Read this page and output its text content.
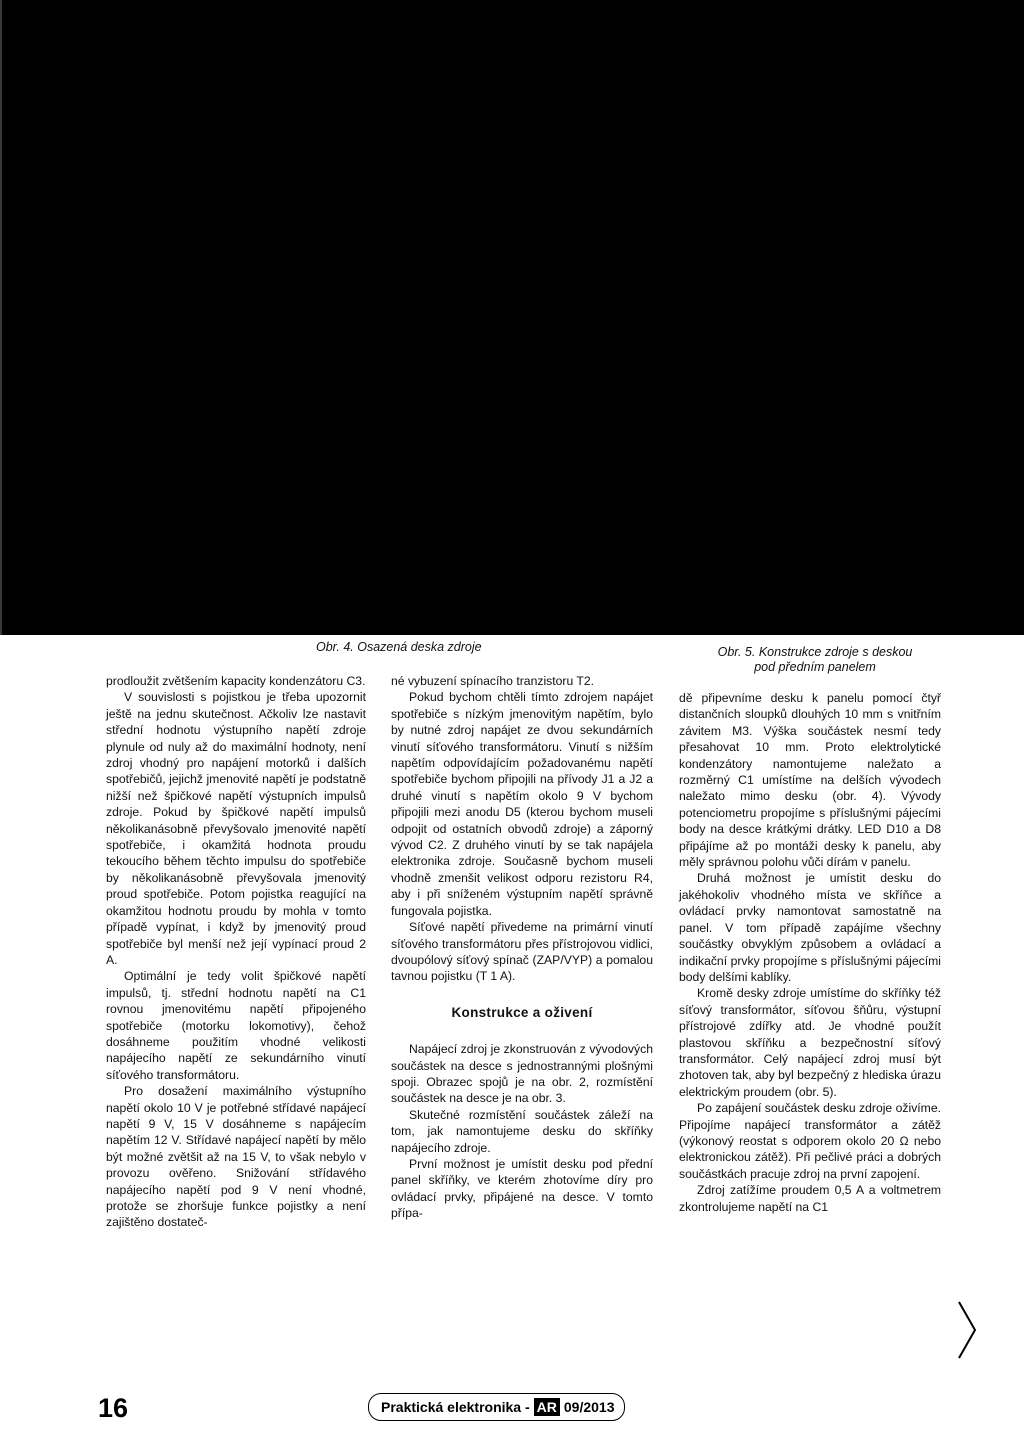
Obr. 4. Osazená deska zdroje	Obr. 5. Konstrukce zdroje s deskou
pod předním panelem

prodloužit zvětšením kapacity kondenzátoru C3.

V souvislosti s pojistkou je třeba upozornit ještě na jednu skutečnost. Ačkoliv lze nastavit střední hodnotu výstupního napětí zdroje plynule od nuly až do maximální hodnoty, není zdroj vhodný pro napájení motorků i dalších spotřebičů, jejichž jmenovité napětí je podstatně nižší než špičkové napětí výstupních impulsů zdroje. Pokud by špičkové napětí impulsů několikanásobně převyšovalo jmenovité napětí spotřebiče, i okamžitá hodnota proudu tekoucího během těchto impulsu do spotřebiče by několikanásobně převyšovala jmenovitý proud spotřebiče. Potom pojistka reagující na okamžitou hodnotu proudu by mohla v tomto případě vypínat, i když by jmenovitý proud spotřebiče byl menší než její vypínací proud 2 A.

Optimální je tedy volit špičkové napětí impulsů, tj. střední hodnotu napětí na C1 rovnou jmenovitému napětí připojeného spotřebiče (motorku lokomotivy), čehož dosáhneme použitím vhodné velikosti napájecího napětí ze sekundárního vinutí síťového transformátoru.

Pro dosažení maximálního výstupního napětí okolo 10 V je potřebné střídavé napájecí napětí 9 V, 15 V dosáhneme s napájecím napětím 12 V. Střídavé napájecí napětí by mělo být možné zvětšit až na 15 V, to však nebylo v provozu ověřeno. Snižování střídavého napájecího napětí pod 9 V není vhodné, protože se zhoršuje funkce pojistky a není zajištěno dostateč-

né vybuzení spínacího tranzistoru T2.

Pokud bychom chtěli tímto zdrojem napájet spotřebiče s nízkým jmenovitým napětím, bylo by nutné zdroj napájet ze dvou sekundárních vinutí síťového transformátoru. Vinutí s nižším napětím odpovídajícím požadovanému napětí spotřebiče bychom připojili na přívody J1 a J2 a druhé vinutí s napětím okolo 9 V bychom připojili mezi anodu D5 (kterou bychom museli odpojit od ostatních obvodů zdroje) a záporný vývod C2. Z druhého vinutí by se tak napájela elektronika zdroje. Současně bychom museli vhodně zmenšit velikost odporu rezistoru R4, aby i při sníženém výstupním napětí správně fungovala pojistka.

Síťové napětí přivedeme na primární vinutí síťového transformátoru přes přístrojovou vidlici, dvoupólový síťový spínač (ZAP/VYP) a pomalou tavnou pojistku (T 1 A).

Konstrukce a oživení

Napájecí zdroj je zkonstruován z vývodových součástek na desce s jednostrannými plošnými spoji. Obrazec spojů je na obr. 2, rozmístění součástek na desce je na obr. 3.

Skutečné rozmístění součástek záleží na tom, jak namontujeme desku do skříňky napájecího zdroje.

První možnost je umístit desku pod přední panel skříňky, ve kterém zhotovíme díry pro ovládací prvky, připájené na desce. V tomto přípa-

dě připevníme desku k panelu pomocí čtyř distančních sloupků dlouhých 10 mm s vnitřním závitem M3. Výška součástek nesmí tedy přesahovat 10 mm. Proto elektrolytické kondenzátory namontujeme naležato a rozměrný C1 umístíme na delších vývodech naležato mimo desku (obr. 4). Vývody potenciometru propojíme s příslušnými pájecími body na desce krátkými drátky. LED D10 a D8 připájíme až po montáži desky k panelu, aby měly správnou polohu vůči dírám v panelu.

Druhá možnost je umístit desku do jakéhokoliv vhodného místa ve skříňce a ovládací prvky namontovat samostatně na panel. V tom případě zapájíme všechny součástky obvyklým způsobem a ovládací a indikační prvky propojíme s příslušnými pájecími body delšími kablíky.

Kromě desky zdroje umístíme do skříňky též síťový transformátor, síťovou šňůru, výstupní přístrojové zdířky atd. Je vhodné použít plastovou skříňku a bezpečnostní síťový transformátor. Celý napájecí zdroj musí být zhotoven tak, aby byl bezpečný z hlediska úrazu elektrickým proudem (obr. 5).

Po zapájení součástek desku zdroje oživíme. Připojíme napájecí transformátor a zátěž (výkonový reostat s odporem okolo 20 Ω nebo elektronickou zátěž). Při pečlivé práci a dobrých součástkách pracuje zdroj na první zapojení.

Zdroj zatížíme proudem 0,5 A a voltmetrem zkontrolujeme napětí na C1

16	Praktická elektronika - AR 09/2013
